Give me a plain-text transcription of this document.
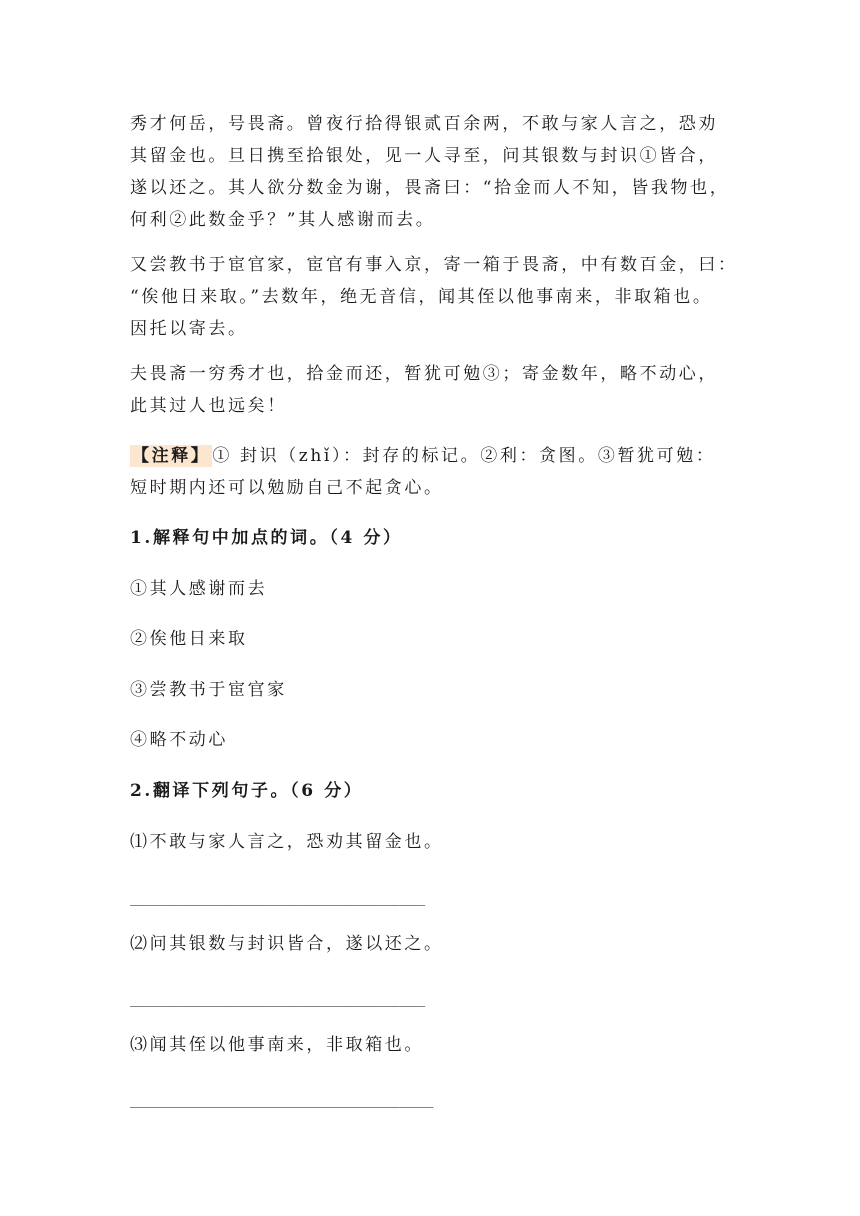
秀才何岳，号畏斋。曾夜行拾得银贰百余两，不敢与家人言之，恐劝
其留金也。旦日携至拾银处，见一人寻至，问其银数与封识①皆合，
遂以还之。其人欲分数金为谢，畏斋曰：“拾金而人不知，皆我物也，
何利②此数金乎？”其人感谢而去。
又尝教书于宦官家，宦官有事入京，寄一箱于畏斋，中有数百金，曰：
“俟他日来取。”去数年，绝无音信，闻其侄以他事南来，非取箱也。
因托以寄去。
夫畏斋一穷秀才也，拾金而还，暂犹可勉③；寄金数年，略不动心，
此其过人也远矣！
【注释】 ① 封识（zhǐ）：封存的标记。②利：贪图。③暂犹可勉：
短时期内还可以勉励自己不起贪心。
1.解释句中加点的词。（4 分）
①其人感谢而去
②俟他日来取
③尝教书于宦官家
④略不动心
2.翻译下列句子。（6 分）
⑴不敢与家人言之，恐劝其留金也。
___________________________________
⑵问其银数与封识皆合，遂以还之。
___________________________________
⑶闻其侄以他事南来，非取箱也。
____________________________________
